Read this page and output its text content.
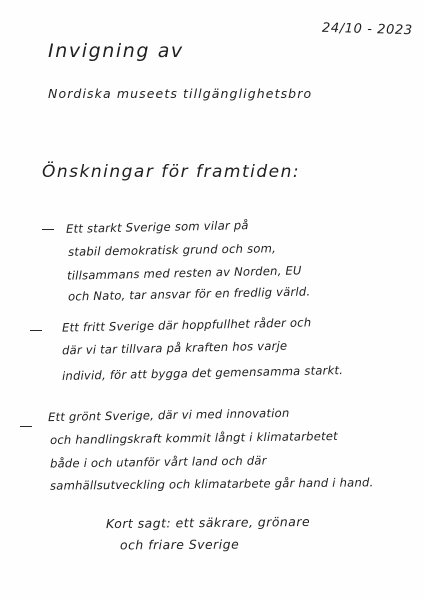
24/10 - 2023
Invigning av
Nordiska museets tillgänglighetsbro
Önskningar för framtiden:
Ett starkt Sverige som vilar på
stabil demokratisk grund och som,
tillsammans med resten av Norden, EU
och Nato, tar ansvar för en fredlig värld.
Ett fritt Sverige där hoppfullhet råder och
där vi tar tillvara på kraften hos varje
individ, för att bygga det gemensamma starkt.
Ett grönt Sverige, där vi med innovation
och handlingskraft kommit långt i klimatarbetet
både i och utanför vårt land och där
samhällsutveckling och klimatarbete går hand i hand.
Kort sagt: ett säkrare, grönare
och friare Sverige
